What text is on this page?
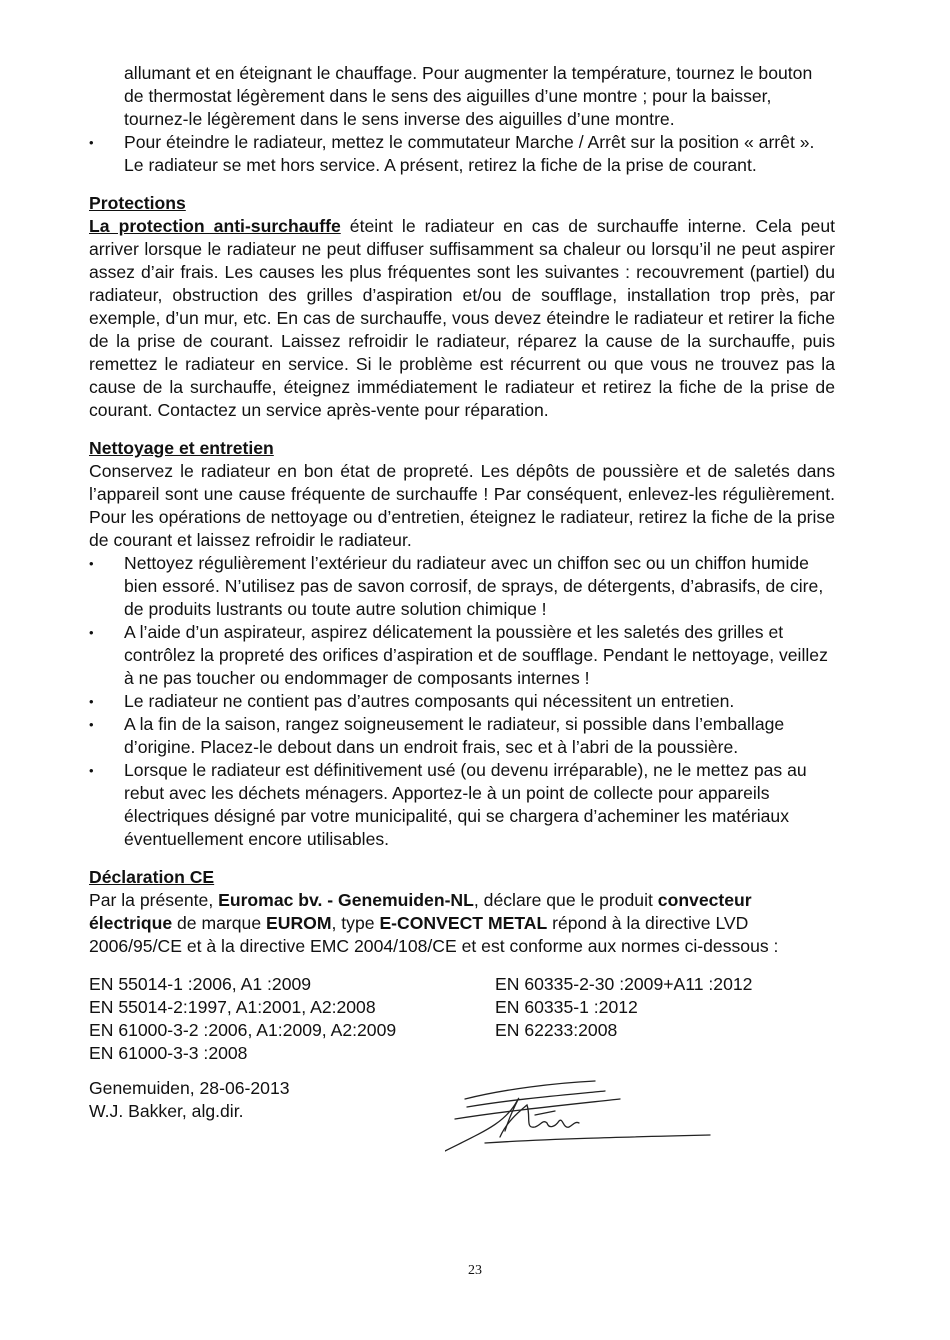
allumant et en éteignant le chauffage. Pour augmenter la température, tournez le bouton de thermostat légèrement dans le sens des aiguilles d’une montre ; pour la baisser, tournez-le légèrement dans le sens inverse des aiguilles d’une montre.

• Pour éteindre le radiateur, mettez le commutateur Marche / Arrêt sur la position « arrêt ». Le radiateur se met hors service. A présent, retirez la fiche de la prise de courant.

Protections

La protection anti-surchauffe éteint le radiateur en cas de surchauffe interne. Cela peut arriver lorsque le radiateur ne peut diffuser suffisamment sa chaleur ou lorsqu’il ne peut aspirer assez d’air frais. Les causes les plus fréquentes sont les suivantes : recouvrement (partiel) du radiateur, obstruction des grilles d’aspiration et/ou de soufflage, installation trop près, par exemple, d’un mur, etc. En cas de surchauffe, vous devez éteindre le radiateur et retirer la fiche de la prise de courant. Laissez refroidir le radiateur, réparez la cause de la surchauffe, puis remettez le radiateur en service. Si le problème est récurrent ou que vous ne trouvez pas la cause de la surchauffe, éteignez immédiatement le radiateur et retirez la fiche de la prise de courant. Contactez un service après-vente pour réparation.

Nettoyage et entretien

Conservez le radiateur en bon état de propreté. Les dépôts de poussière et de saletés dans l’appareil sont une cause fréquente de surchauffe ! Par conséquent, enlevez-les régulièrement. Pour les opérations de nettoyage ou d’entretien, éteignez le radiateur, retirez la fiche de la prise de courant et laissez refroidir le radiateur.

• Nettoyez régulièrement l’extérieur du radiateur avec un chiffon sec ou un chiffon humide bien essoré. N’utilisez pas de savon corrosif, de sprays, de détergents, d’abrasifs, de cire, de produits lustrants ou toute autre solution chimique !
• A l’aide d’un aspirateur, aspirez délicatement la poussière et les saletés des grilles et contrôlez la propreté des orifices d’aspiration et de soufflage. Pendant le nettoyage, veillez à ne pas toucher ou endommager de composants internes !
• Le radiateur ne contient pas d’autres composants qui nécessitent un entretien.
• A la fin de la saison, rangez soigneusement le radiateur, si possible dans l’emballage d’origine. Placez-le debout dans un endroit frais, sec et à l’abri de la poussière.
• Lorsque le radiateur est définitivement usé (ou devenu irréparable), ne le mettez pas au rebut avec les déchets ménagers. Apportez-le à un point de collecte pour appareils électriques désigné par votre municipalité, qui se chargera d’acheminer les matériaux éventuellement encore utilisables.

Déclaration CE

Par la présente, Euromac bv. - Genemuiden-NL, déclare que le produit convecteur électrique de marque EUROM, type E-CONVECT METAL répond à la directive LVD 2006/95/CE et à la directive EMC 2004/108/CE et est conforme aux normes ci-dessous :

EN 55014-1 :2006, A1 :2009
EN 55014-2:1997, A1:2001, A2:2008
EN 61000-3-2 :2006, A1:2009, A2:2009
EN 61000-3-3 :2008
EN 60335-2-30 :2009+A11 :2012
EN 60335-1 :2012
EN 62233:2008
Genemuiden, 28-06-2013
W.J. Bakker, alg.dir.
23
